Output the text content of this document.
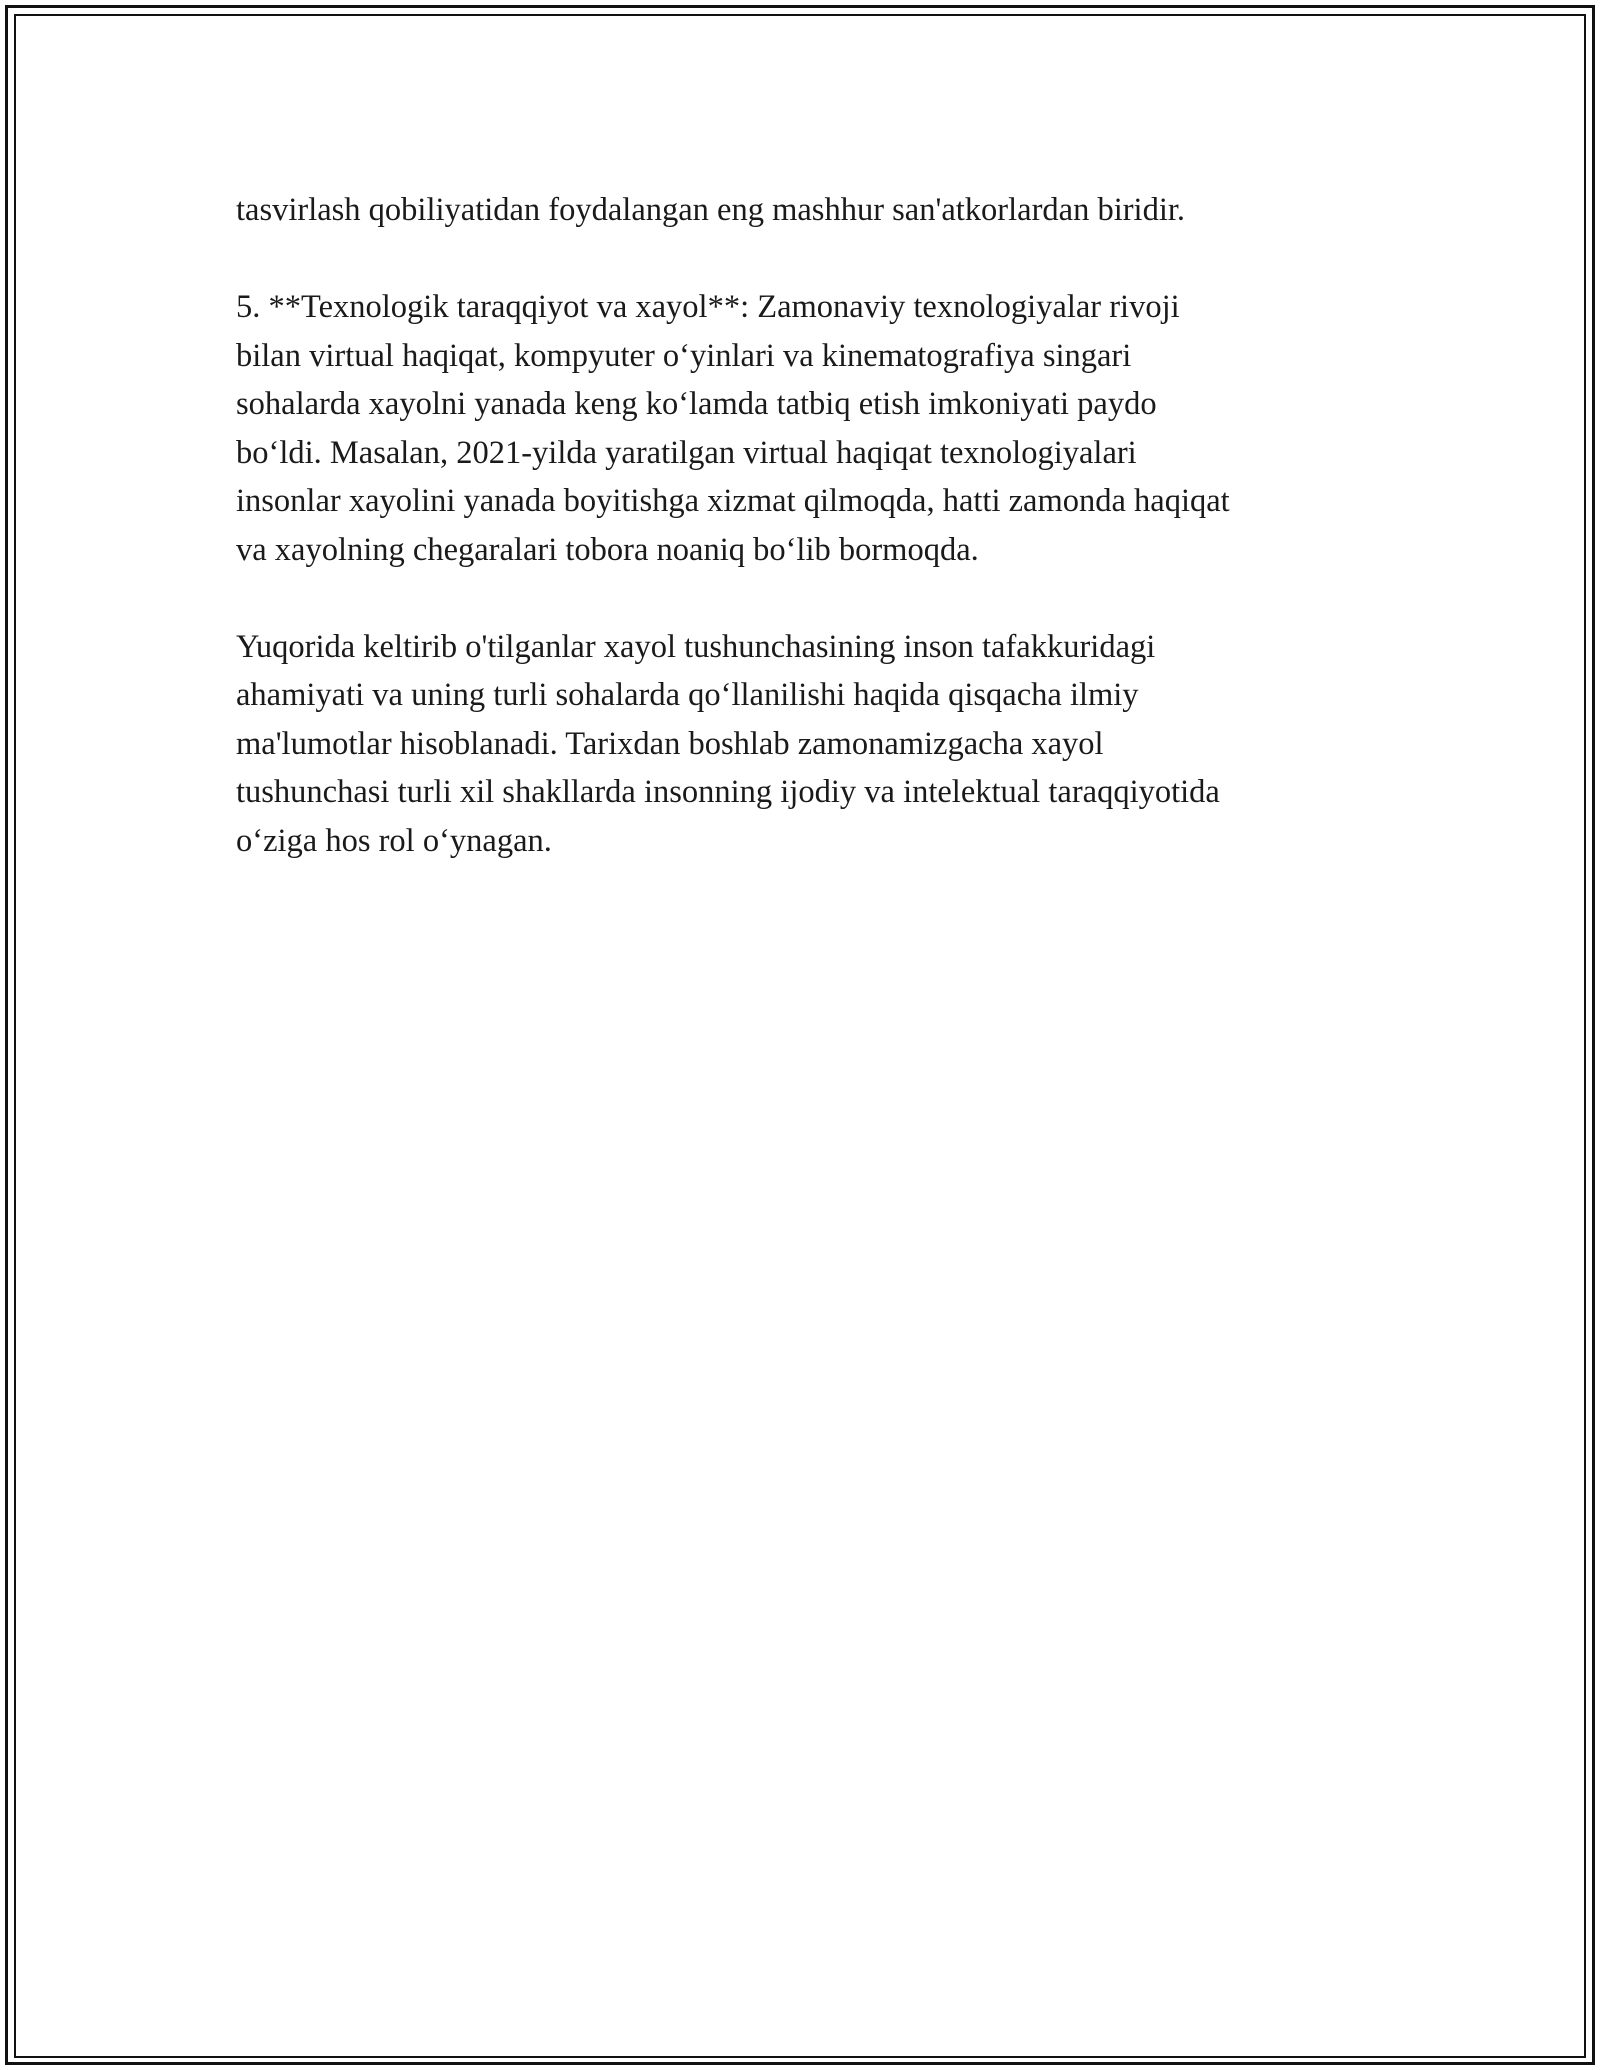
tasvirlash qobiliyatidan foydalangan eng mashhur san'atkorlardan biridir.

5. **Texnologik taraqqiyot va xayol**: Zamonaviy texnologiyalar rivoji
bilan virtual haqiqat, kompyuter o‘yinlari va kinematografiya singari
sohalarda xayolni yanada keng ko‘lamda tatbiq etish imkoniyati paydo
bo‘ldi. Masalan, 2021-yilda yaratilgan virtual haqiqat texnologiyalari
insonlar xayolini yanada boyitishga xizmat qilmoqda, hatti zamonda haqiqat
va xayolning chegaralari tobora noaniq bo‘lib bormoqda.

Yuqorida keltirib o'tilganlar xayol tushunchasining inson tafakkuridagi
ahamiyati va uning turli sohalarda qo‘llanilishi haqida qisqacha ilmiy
ma'lumotlar hisoblanadi. Tarixdan boshlab zamonamizgacha xayol
tushunchasi turli xil shakllarda insonning ijodiy va intelektual taraqqiyotida
o‘ziga hos rol o‘ynagan.
